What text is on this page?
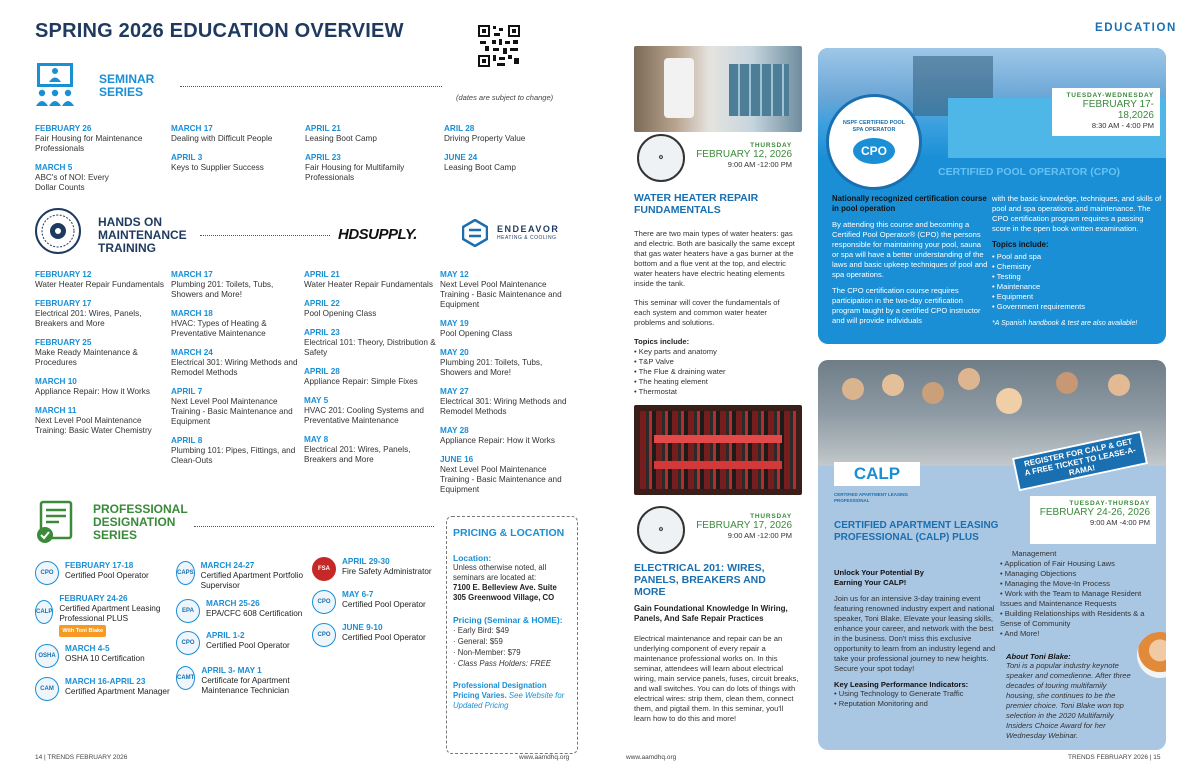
SPRING 2026 EDUCATION OVERVIEW
(dates are subject to change)
SEMINAR
SERIES
FEBRUARY 26
Fair Housing for Maintenance Professionals
MARCH 5
ABC's of NOI: Every Dollar Counts
MARCH 17
Dealing with Difficult People
APRIL 3
Keys to Supplier Success
APRIL 21
Leasing Boot Camp
APRIL 23
Fair Housing for Multifamily Professionals
ARIL 28
Driving Property Value
JUNE 24
Leasing Boot Camp
HANDS ON
MAINTENANCE
TRAINING
HDSUPPLY.	ENDEAVOR
HEATING & COOLING
FEBRUARY 12
Water Heater Repair Fundamentals
FEBRUARY 17
Electrical 201: Wires, Panels, Breakers and More
FEBRUARY 25
Make Ready Maintenance & Procedures
MARCH 10
Appliance Repair: How it Works
MARCH 11
Next Level Pool Maintenance Training: Basic Water Chemistry
MARCH 17
Plumbing 201: Toilets, Tubs, Showers and More!
MARCH 18
HVAC: Types of Heating & Preventative Maintenance
MARCH 24
Electrical 301: Wiring Methods and Remodel Methods
APRIL 7
Next Level Pool Maintenance Training - Basic Maintenance and Equipment
APRIL 8
Plumbing 101: Pipes, Fittings, and Clean-Outs
APRIL 21
Water Heater Repair Fundamentals
APRIL 22
Pool Opening Class
APRIL 23
Electrical 101: Theory, Distribution & Safety
APRIL 28
Appliance Repair: Simple Fixes
MAY 5
HVAC 201: Cooling Systems and Preventative Maintenance
MAY 8
Electrical 201: Wires, Panels, Breakers and More
MAY 12
Next Level Pool Maintenance Training - Basic Maintenance and Equipment
MAY 19
Pool Opening Class
MAY 20
Plumbing 201: Toilets, Tubs, Showers and More!
MAY 27
Electrical 301: Wiring Methods and Remodel Methods
MAY 28
Appliance Repair: How it Works
JUNE 16
Next Level Pool Maintenance Training - Basic Maintenance and Equipment
PROFESSIONAL
DESIGNATION
SERIES
CPO
FEBRUARY 17-18
Certified Pool Operator
CALP
FEBRUARY 24-26
Certified Apartment Leasing Professional PLUS
With Toni Blake
OSHA
MARCH 4-5
OSHA 10 Certification
CAM
MARCH 16-APRIL 23
Certified Apartment Manager
CAPS
MARCH 24-27
Certified Apartment Portfolio Supervisor
EPA
MARCH 25-26
EPA/CFC 608 Certification
CPO
APRIL 1-2
Certified Pool Operator
CAMT
APRIL 3- MAY 1
Certificate for Apartment Maintenance Technician
FSA
APRIL 29-30
Fire Safety Administrator
CPO
MAY 6-7
Certified Pool Operator
CPO
JUNE 9-10
Certified Pool Operator
PRICING & LOCATION
Location:
Unless otherwise noted, all seminars are located at:
7100 E. Belleview Ave. Suite
305 Greenwood Village, CO
Pricing (Seminar & HOME):
· Early Bird: $49
· General: $59
· Non-Member: $79
· Class Pass Holders: FREE
Professional Designation Pricing Varies. See Website for Updated Pricing
14 | TRENDS FEBRUARY 2026	www.aamdhq.org
EDUCATION
⚙
THURSDAY
FEBRUARY 12, 2026
9:00 AM -12:00 PM
WATER HEATER REPAIR FUNDAMENTALS

There are two main types of water heaters: gas and electric. Both are basically the same except that gas water heaters have a gas burner at the bottom and a flue vent at the top, and electric water heaters have electric heating elements inside the tank.

This seminar will cover the fundamentals of each system and common water heater problems and solutions.

Topics include:

• Key parts and anatomy
• T&P Valve
• The Flue & draining water
• The heating element
• Thermostat
⚙
THURSDAY
FEBRUARY 17, 2026
9:00 AM -12:00 PM
ELECTRICAL 201: WIRES, PANELS, BREAKERS AND MORE
Gain Foundational Knowledge In Wiring, Panels, And Safe Repair Practices
Electrical maintenance and repair can be an underlying component of every repair a maintenance professional works on. In this seminar, attendees will learn about electrical wiring, main service panels, fuses, circuit breaks, and wall switches. You can do lots of things with electrical wires: strip them, clean them, connect them, and pigtail them. In this seminar, you'll learn how to do this and more!
TUESDAY-WEDNESDAY
FEBRUARY 17-18,2026
8:30 AM - 4:00 PM
NSPF CERTIFIED POOL SPA OPERATOR
CPO
CERTIFIED POOL OPERATOR (CPO)
Nationally recognized certification course in pool operation
By attending this course and becoming a Certified Pool Operator® (CPO) the persons responsible for maintaining your pool, sauna or spa will have a better understanding of the laws and basic upkeep techniques of pool and spa operations.
The CPO certification course requires participation in the two-day certification program taught by a certified CPO instructor and will provide individuals
with the basic knowledge, techniques, and skills of pool and spa operations and maintenance. The CPO certification program requires a passing score in the open book written examination.
Topics include:
• Pool and spa
• Chemistry
• Testing
• Maintenance
• Equipment
• Government requirements
*A Spanish handbook & test are also available!
REGISTER FOR CALP & GET A FREE TICKET TO LEASE-A-RAMA!
CALP
CERTIFIED APARTMENT LEASING PROFESSIONAL	TUESDAY-THURSDAY
FEBRUARY 24-26, 2026
9:00 AM -4:00 PM
CERTIFIED APARTMENT LEASING PROFESSIONAL (CALP) PLUS
Unlock Your Potential By Earning Your CALP!
Join us for an intensive 3-day training event featuring renowned industry expert and national speaker, Toni Blake. Elevate your leasing skills, enhance your career, and network with the best in the business. Don't miss this exclusive opportunity to learn from an industry legend and take your professional journey to new heights. Secure your spot today!
Key Leasing Performance Indicators:
• Using Technology to Generate Traffic
• Reputation Monitoring and
Management
• Application of Fair Housing Laws
• Managing Objections
• Managing the Move-In Process
• Work with the Team to Manage Resident Issues and Maintenance Requests
• Building Relationships with Residents & a Sense of Community
• And More!
About Toni Blake:
Toni is a popular industry keynote speaker and comedienne. After three decades of touring multifamily housing, she continues to be the premier choice. Toni Blake won top selection in the 2020 Multifamily Insiders Choice Award for her Wednesday Webinar.
www.aamdhq.org	TRENDS FEBRUARY 2026 | 15
